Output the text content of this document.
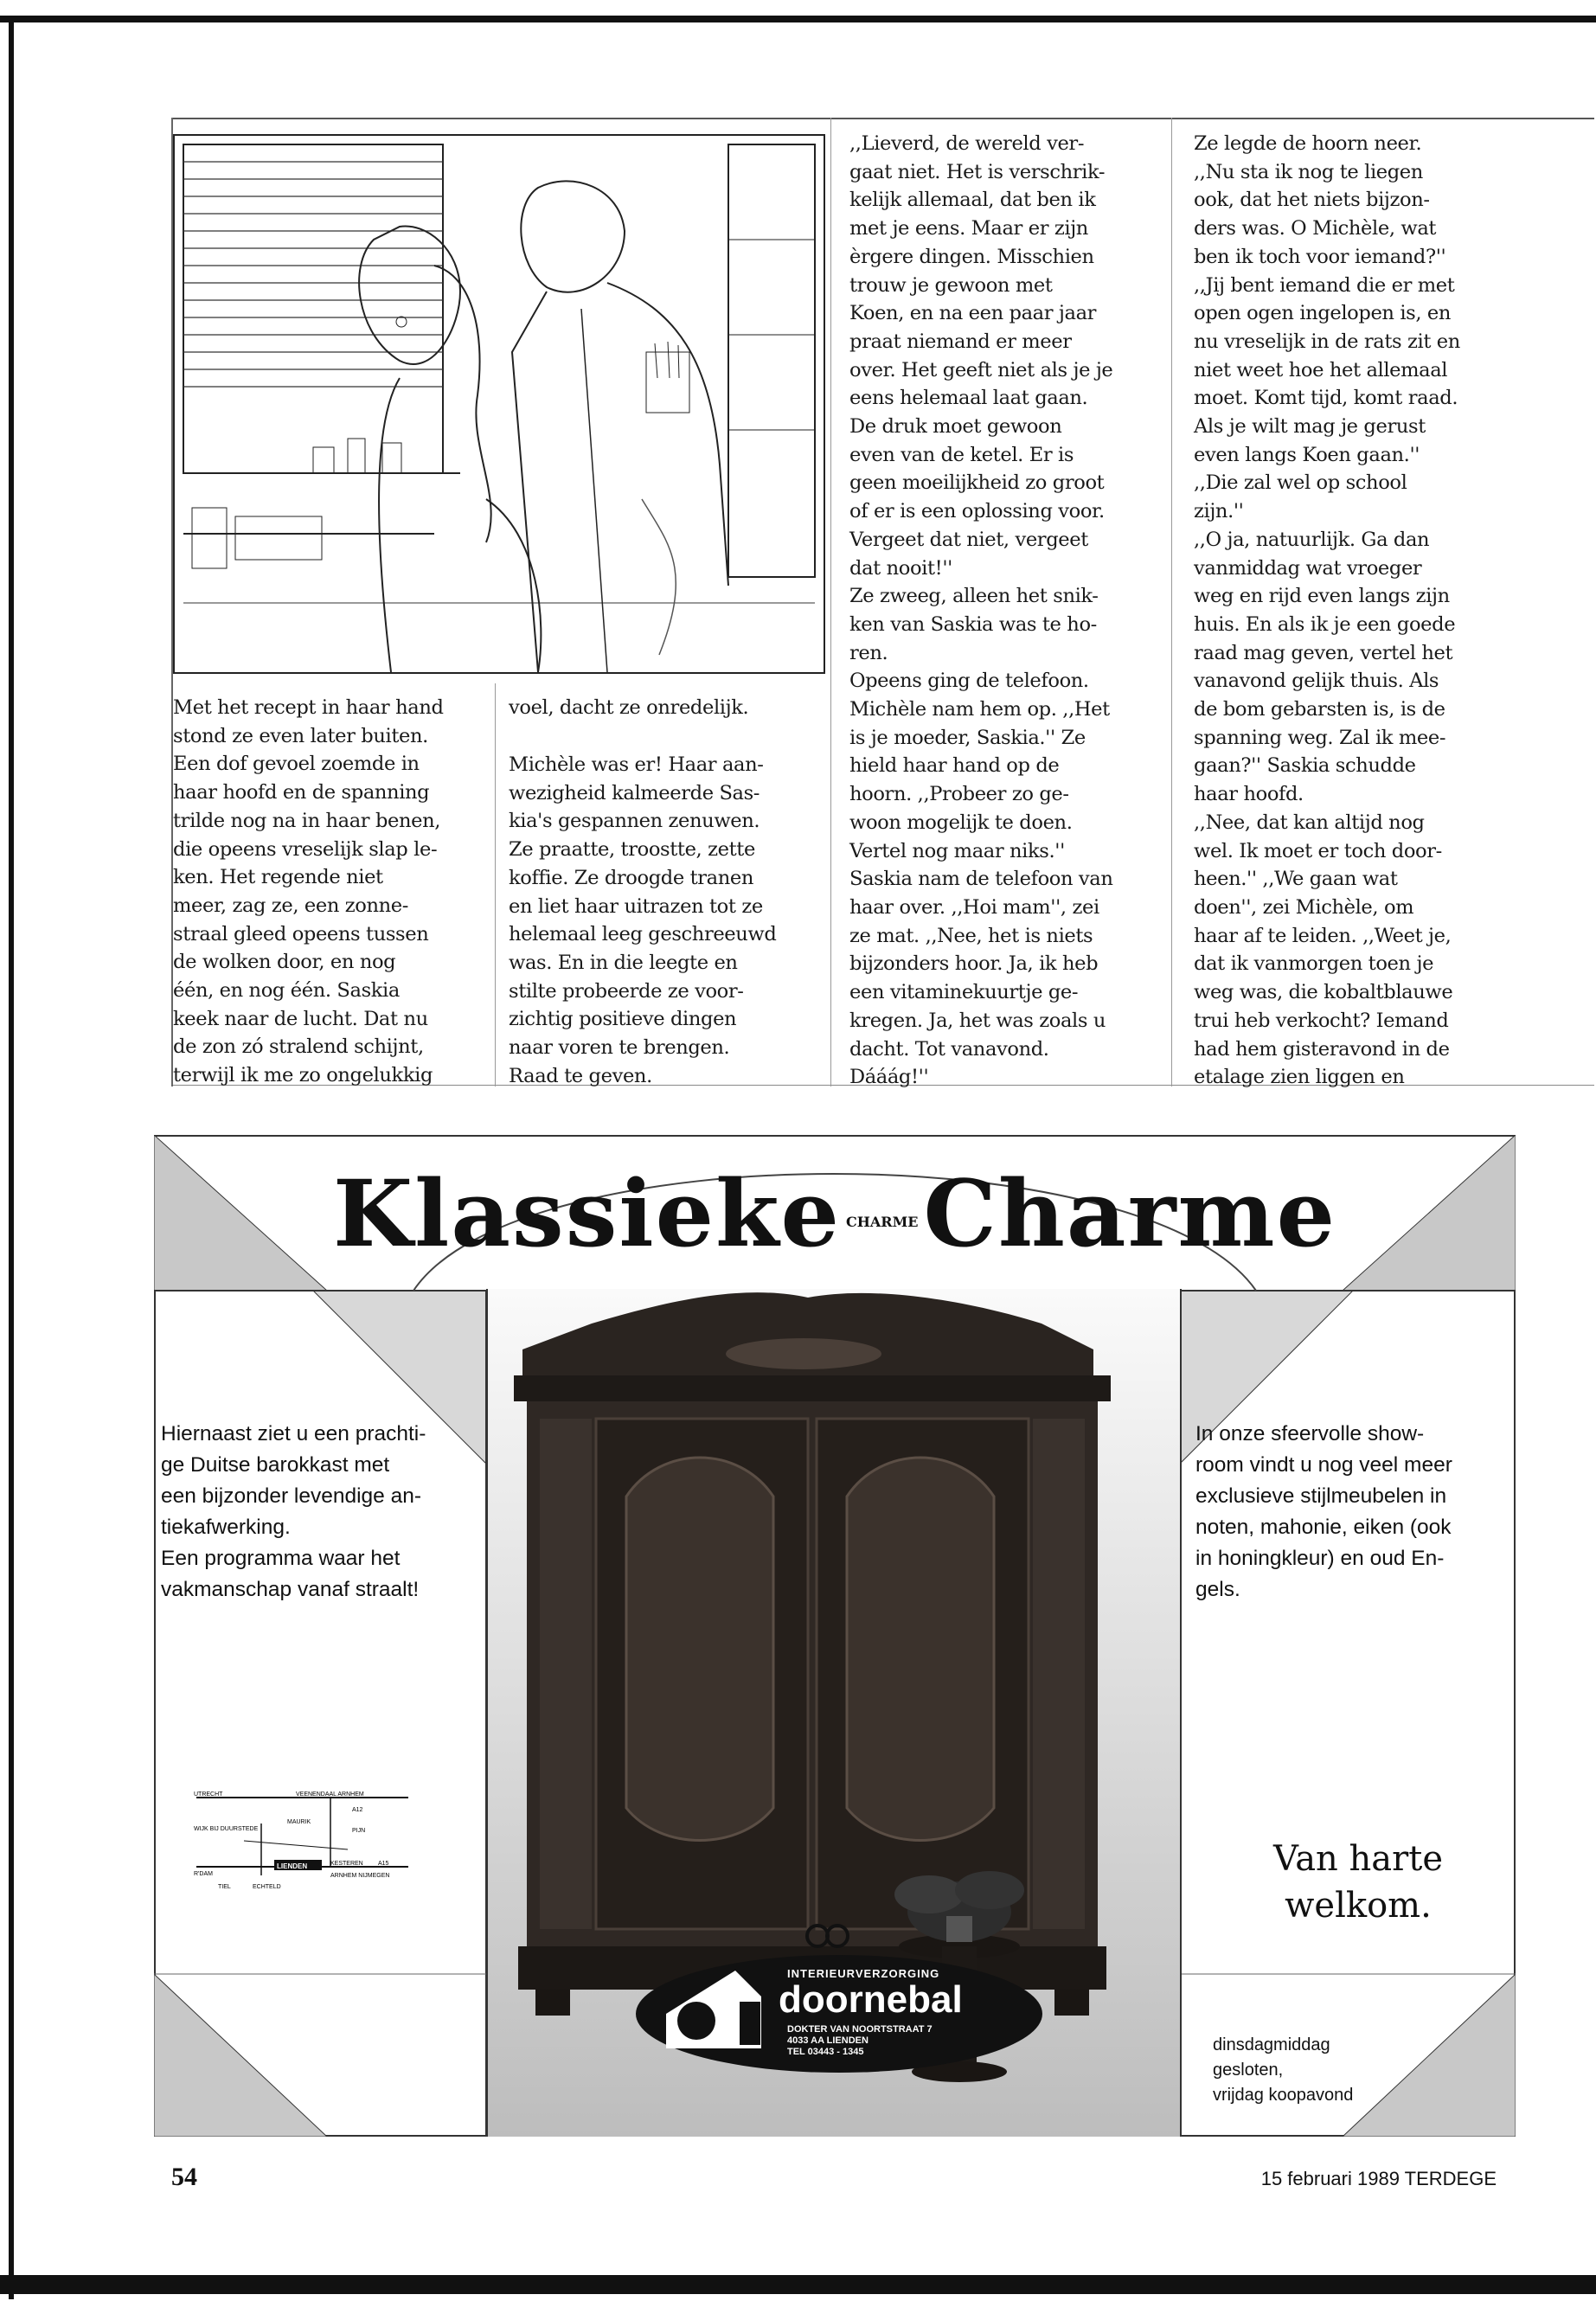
Met het recept in haar hand
stond ze even later buiten.
Een dof gevoel zoemde in
haar hoofd en de spanning
trilde nog na in haar benen,
die opeens vreselijk slap le-
ken. Het regende niet
meer, zag ze, een zonne-
straal gleed opeens tussen
de wolken door, en nog
één, en nog één. Saskia
keek naar de lucht. Dat nu
de zon zó stralend schijnt,
terwijl ik me zo ongelukkig
voel, dacht ze onredelijk.
Michèle was er! Haar aan-
wezigheid kalmeerde Sas-
kia's gespannen zenuwen.
Ze praatte, troostte, zette
koffie. Ze droogde tranen
en liet haar uitrazen tot ze
helemaal leeg geschreeuwd
was. En in die leegte en
stilte probeerde ze voor-
zichtig positieve dingen
naar voren te brengen.
Raad te geven.
,,Lieverd, de wereld ver-
gaat niet. Het is verschrik-
kelijk allemaal, dat ben ik
met je eens. Maar er zijn
èrgere dingen. Misschien
trouw je gewoon met
Koen, en na een paar jaar
praat niemand er meer
over. Het geeft niet als je je
eens helemaal laat gaan.
De druk moet gewoon
even van de ketel. Er is
geen moeilijkheid zo groot
of er is een oplossing voor.
Vergeet dat niet, vergeet
dat nooit!''
Ze zweeg, alleen het snik-
ken van Saskia was te ho-
ren.
Opeens ging de telefoon.
Michèle nam hem op. ,,Het
is je moeder, Saskia.'' Ze
hield haar hand op de
hoorn. ,,Probeer zo ge-
woon mogelijk te doen.
Vertel nog maar niks.''
Saskia nam de telefoon van
haar over. ,,Hoi mam'', zei
ze mat. ,,Nee, het is niets
bijzonders hoor. Ja, ik heb
een vitaminekuurtje ge-
kregen. Ja, het was zoals u
dacht. Tot vanavond.
Dááág!''
Ze legde de hoorn neer.
,,Nu sta ik nog te liegen
ook, dat het niets bijzon-
ders was. O Michèle, wat
ben ik toch voor iemand?''
,,Jij bent iemand die er met
open ogen ingelopen is, en
nu vreselijk in de rats zit en
niet weet hoe het allemaal
moet. Komt tijd, komt raad.
Als je wilt mag je gerust
even langs Koen gaan.''
,,Die zal wel op school
zijn.''
,,O ja, natuurlijk. Ga dan
vanmiddag wat vroeger
weg en rijd even langs zijn
huis. En als ik je een goede
raad mag geven, vertel het
vanavond gelijk thuis. Als
de bom gebarsten is, is de
spanning weg. Zal ik mee-
gaan?'' Saskia schudde
haar hoofd.
,,Nee, dat kan altijd nog
wel. Ik moet er toch door-
heen.'' ,,We gaan wat
doen'', zei Michèle, om
haar af te leiden. ,,Weet je,
dat ik vanmorgen toen je
weg was, die kobaltblauwe
trui heb verkocht? Iemand
had hem gisteravond in de
etalage zien liggen en
Klassieke CHARMECharme
Hiernaast ziet u een prachti-
ge Duitse barokkast met
een bijzonder levendige an-
tiekafwerking.
Een programma waar het
vakmanschap vanaf straalt!
In onze sfeervolle show-
room vindt u nog veel meer
exclusieve stijlmeubelen in
noten, mahonie, eiken (ook
in honingkleur) en oud En-
gels.
UTRECHT	VEENENDAAL ARNHEM
A12
MAURIK
WIJK BIJ DUURSTEDE	PIJN
R'DAM
LIENDEN	KESTEREN A15
ARNHEM NIJMEGEN
TIEL	ECHTELD
Van harte
welkom.
dinsdagmiddag
gesloten,
vrijdag koopavond
INTERIEURVERZORGING
doornebal
DOKTER VAN NOORTSTRAAT 7
4033 AA LIENDEN
TEL 03443 - 1345
54	15 februari 1989 TERDEGE
